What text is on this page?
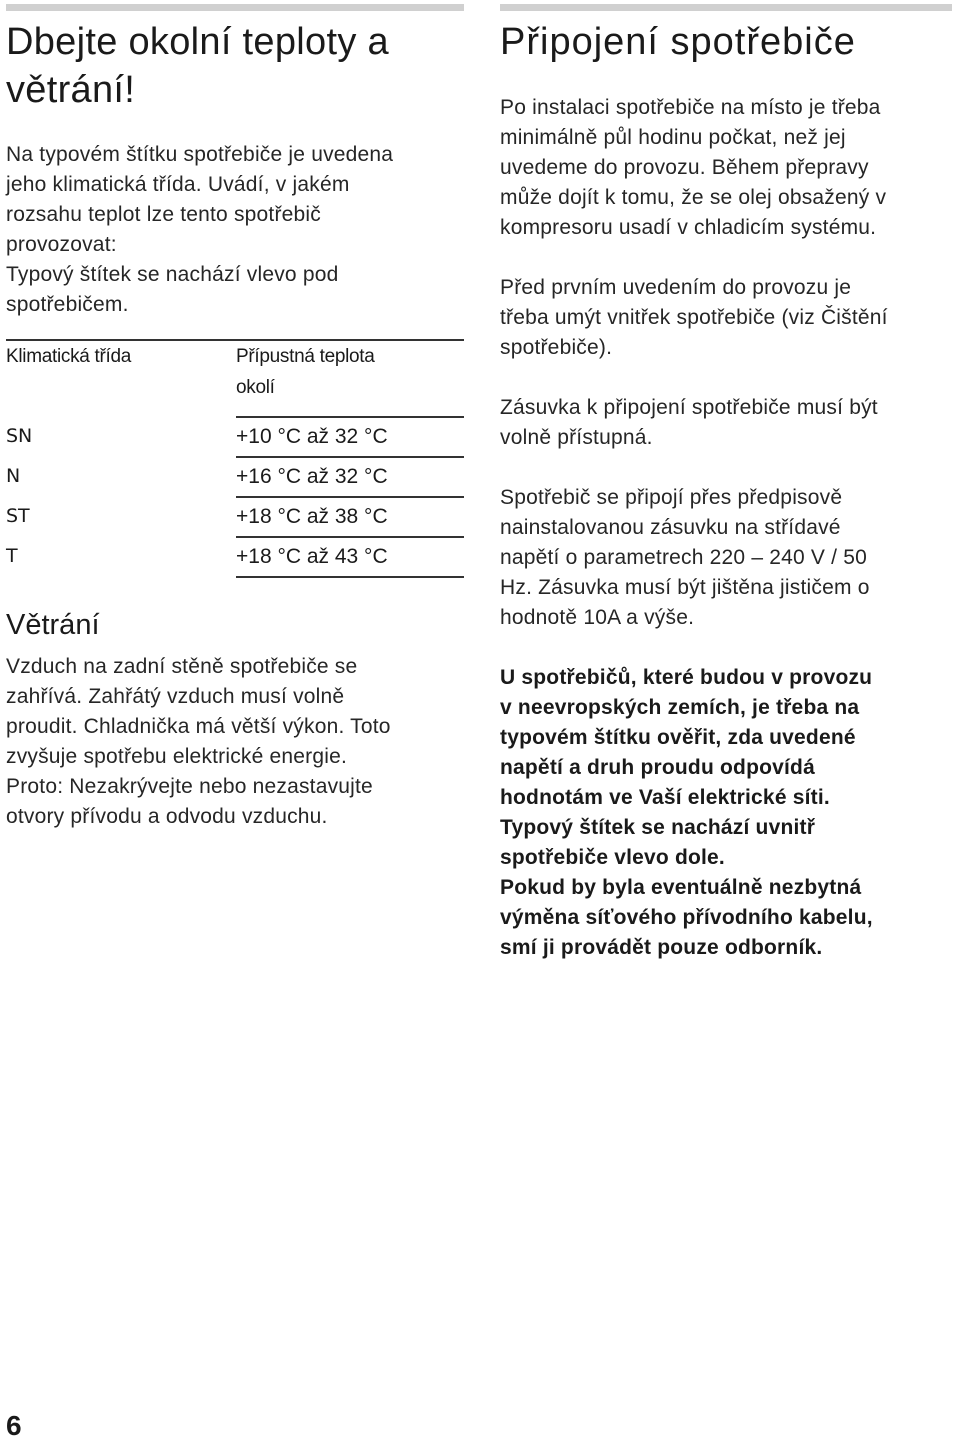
Dbejte okolní teploty a větrání!

Na typovém štítku spotřebiče je uvedena
jeho klimatická třída. Uvádí, v jakém
rozsahu teplot lze tento spotřebič
provozovat:
Typový štítek se nachází vlevo pod
spotřebičem.

Klimatická třída		Přípustná teplota
okolí
SN		+10 °C až 32 °C
N		+16 °C až 32 °C
ST		+18 °C až 38 °C
T		+18 °C až 43 °C
Větrání

Vzduch na zadní stěně spotřebiče se
zahřívá. Zahřátý vzduch musí volně
proudit. Chladnička má větší výkon. Toto
zvyšuje spotřebu elektrické energie.
Proto: Nezakrývejte nebo nezastavujte
otvory přívodu a odvodu vzduchu.

Připojení spotřebiče

Po instalaci spotřebiče na místo je třeba
minimálně půl hodinu počkat, než jej
uvedeme do provozu. Během přepravy
může dojít k tomu, že se olej obsažený v
kompresoru usadí v chladicím systému.

Před prvním uvedením do provozu je
třeba umýt vnitřek spotřebiče (viz Čištění
spotřebiče).

Zásuvka k připojení spotřebiče musí být
volně přístupná.

Spotřebič se připojí přes předpisově
nainstalovanou zásuvku na střídavé
napětí o parametrech 220 – 240 V / 50
Hz. Zásuvka musí být jištěna jističem o
hodnotě 10A a výše.

U spotřebičů, které budou v provozu
v neevropských zemích, je třeba na
typovém štítku ověřit, zda uvedené
napětí a druh proudu odpovídá
hodnotám ve Vaší elektrické síti.
Typový štítek se nachází uvnitř
spotřebiče vlevo dole.
Pokud by byla eventuálně nezbytná
výměna síťového přívodního kabelu,
smí ji provádět pouze odborník.

6
